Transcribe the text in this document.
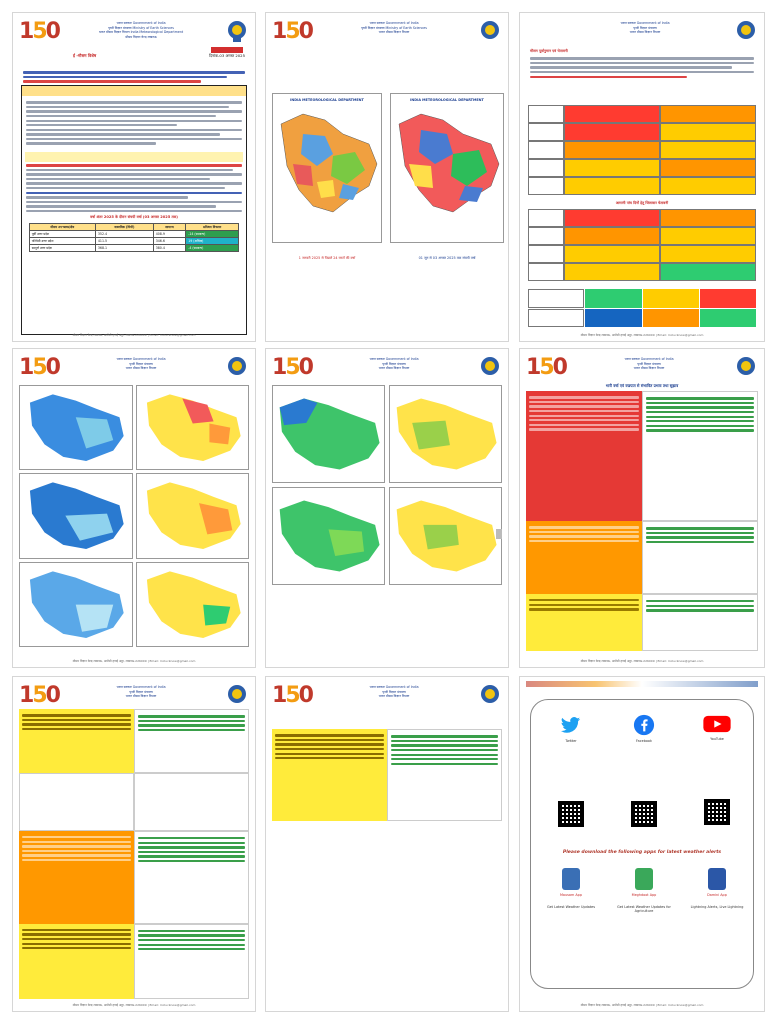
150	भारत सरकार Government of India
पृथ्वी विज्ञान मंत्रालय Ministry of Earth Sciences
भारत मौसम विज्ञान विभाग India Meteorological Department
मौसम विज्ञान केन्द्र लखनऊ
ई -मौसम विशेष	दिनांक-03 अगस्त 2025
वर्षा अंतर 2025 के दौरान संचयी वर्षा (03 अगस्त 2025 तक)
मौसम उप-खण्ड/क्षेत्र	वास्तविक (मिमी)	सामान्य	प्रतिशत विचलन
पूर्वी उत्तर प्रदेश	352.4	408.9	-14 (सामान्य)
पश्चिमी उत्तर प्रदेश	411.5	346.6	19 (अधिक)
सम्पूर्ण उत्तर प्रदेश	368.1	380.4	-4 (सामान्य)
मौसम विज्ञान केन्द्र लखनऊ, अमौसी हवाई अड्डा, लखनऊ-226009 | Email: mclucknow@gmail.com
150	भारत सरकार Government of India
पृथ्वी विज्ञान मंत्रालय Ministry of Earth Sciences
भारत मौसम विज्ञान विभाग
INDIA METEOROLOGICAL DEPARTMENT	INDIA METEOROLOGICAL DEPARTMENT
1 जनवरी 2025 से पिछले 24 घण्टों की वर्षा	01 जून से 03 अगस्त 2025 तक संचयी वर्षा
भारत सरकार Government of India
पृथ्वी विज्ञान मंत्रालय
भारत मौसम विज्ञान विभाग
मौसम पूर्वानुमान एवं चेतावनी
आगामी पांच दिनों हेतु जिलावार चेतावनी
मौसम विज्ञान केन्द्र लखनऊ, अमौसी हवाई अड्डा, लखनऊ-226009 | Email: mclucknow@gmail.com
150	भारत सरकार Government of India
पृथ्वी विज्ञान मंत्रालय
भारत मौसम विज्ञान विभाग
मौसम विज्ञान केन्द्र लखनऊ, अमौसी हवाई अड्डा, लखनऊ-226009 | Email: mclucknow@gmail.com
150	भारत सरकार Government of India
पृथ्वी विज्ञान मंत्रालय
भारत मौसम विज्ञान विभाग	150	भारत सरकार Government of India
पृथ्वी विज्ञान मंत्रालय
भारत मौसम विज्ञान विभाग
भारी वर्षा एवं वज्रपात से संभावित प्रभाव तथा सुझाव
मौसम विज्ञान केन्द्र लखनऊ, अमौसी हवाई अड्डा, लखनऊ-226009 | Email: mclucknow@gmail.com
150	भारत सरकार Government of India
पृथ्वी विज्ञान मंत्रालय
भारत मौसम विज्ञान विभाग
मौसम विज्ञान केन्द्र लखनऊ, अमौसी हवाई अड्डा, लखनऊ-226009 | Email: mclucknow@gmail.com
150	भारत सरकार Government of India
पृथ्वी विज्ञान मंत्रालय
भारत मौसम विज्ञान विभाग
Twitter	Facebook	YouTube
Please download the following apps for latest weather alerts
Mausam App
Get Latest Weather Updates
Meghdoot App
Get Latest Weather Updates for Agriculture
Damini App
Lightning Alerts, Live Lightning
मौसम विज्ञान केन्द्र लखनऊ, अमौसी हवाई अड्डा, लखनऊ-226009 | Email: mclucknow@gmail.com
